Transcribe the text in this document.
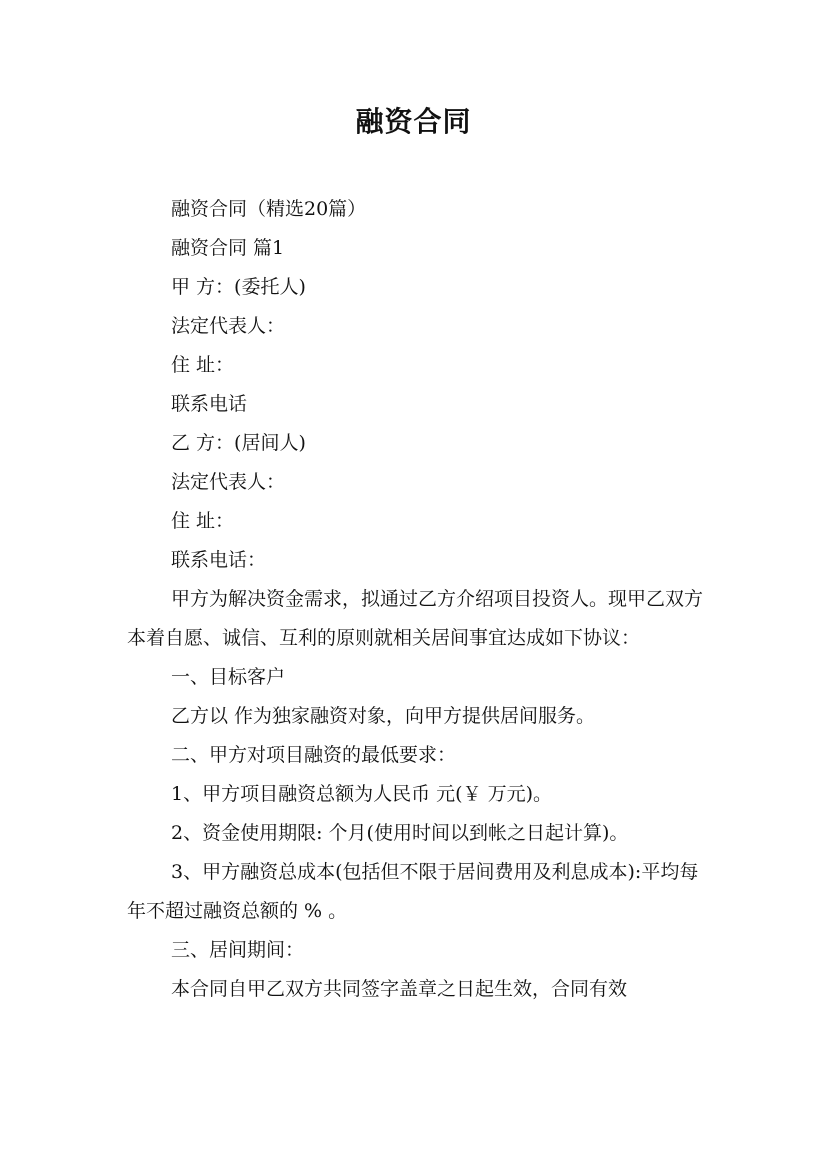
融资合同

融资合同（精选20篇）

融资合同 篇1

甲 方：(委托人)

法定代表人：

住 址：

联系电话

乙 方：(居间人)

法定代表人：

住 址：

联系电话：

甲方为解决资金需求，拟通过乙方介绍项目投资人。现甲乙双方本着自愿、诚信、互利的原则就相关居间事宜达成如下协议：

一、目标客户

乙方以 作为独家融资对象，向甲方提供居间服务。

二、甲方对项目融资的最低要求：

1、甲方项目融资总额为人民币 元(￥ 万元)。

2、资金使用期限: 个月(使用时间以到帐之日起计算)。

3、甲方融资总成本(包括但不限于居间费用及利息成本):平均每年不超过融资总额的 % 。

三、居间期间：

本合同自甲乙双方共同签字盖章之日起生效，合同有效
